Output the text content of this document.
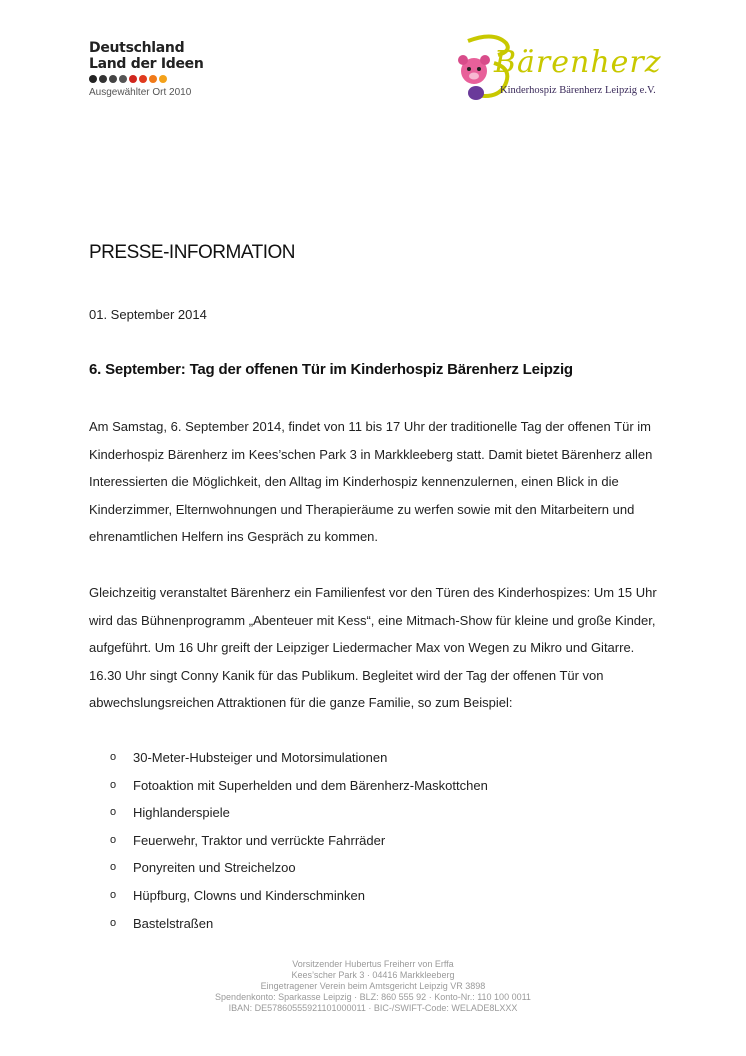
Deutschland
Land der Ideen
Ausgewählter Ort 2010
Bärenherz
Kinderhospiz Bärenherz Leipzig e.V.
PRESSE-INFORMATION
01. September 2014
6. September: Tag der offenen Tür im Kinderhospiz Bärenherz Leipzig

Am Samstag, 6. September 2014, findet von 11 bis 17 Uhr der traditionelle Tag der offenen Tür im Kinderhospiz Bärenherz im Kees’schen Park 3 in Markkleeberg statt. Damit bietet Bärenherz allen Interessierten die Möglichkeit, den Alltag im Kinderhospiz kennenzulernen, einen Blick in die Kinderzimmer, Elternwohnungen und Therapieräume zu werfen sowie mit den Mitarbeitern und ehrenamtlichen Helfern ins Gespräch zu kommen.

Gleichzeitig veranstaltet Bärenherz ein Familienfest vor den Türen des Kinderhospizes: Um 15 Uhr wird das Bühnenprogramm „Abenteuer mit Kess“, eine Mitmach-Show für kleine und große Kinder, aufgeführt. Um 16 Uhr greift der Leipziger Liedermacher Max von Wegen zu Mikro und Gitarre. 16.30 Uhr singt Conny Kanik für das Publikum. Begleitet wird der Tag der offenen Tür von abwechslungsreichen Attraktionen für die ganze Familie, so zum Beispiel:

o	30-Meter-Hubsteiger und Motorsimulationen
o	Fotoaktion mit Superhelden und dem Bärenherz-Maskottchen
o	Highlanderspiele
o	Feuerwehr, Traktor und verrückte Fahrräder
o	Ponyreiten und Streichelzoo
o	Hüpfburg, Clowns und Kinderschminken
o	Bastelstraßen
Vorsitzender Hubertus Freiherr von Erffa
Kees’scher Park 3 · 04416 Markkleeberg
Eingetragener Verein beim Amtsgericht Leipzig VR 3898
Spendenkonto: Sparkasse Leipzig · BLZ: 860 555 92 · Konto-Nr.: 110 100 0011
IBAN: DE57860555921101000011 · BIC-/SWIFT-Code: WELADE8LXXX
